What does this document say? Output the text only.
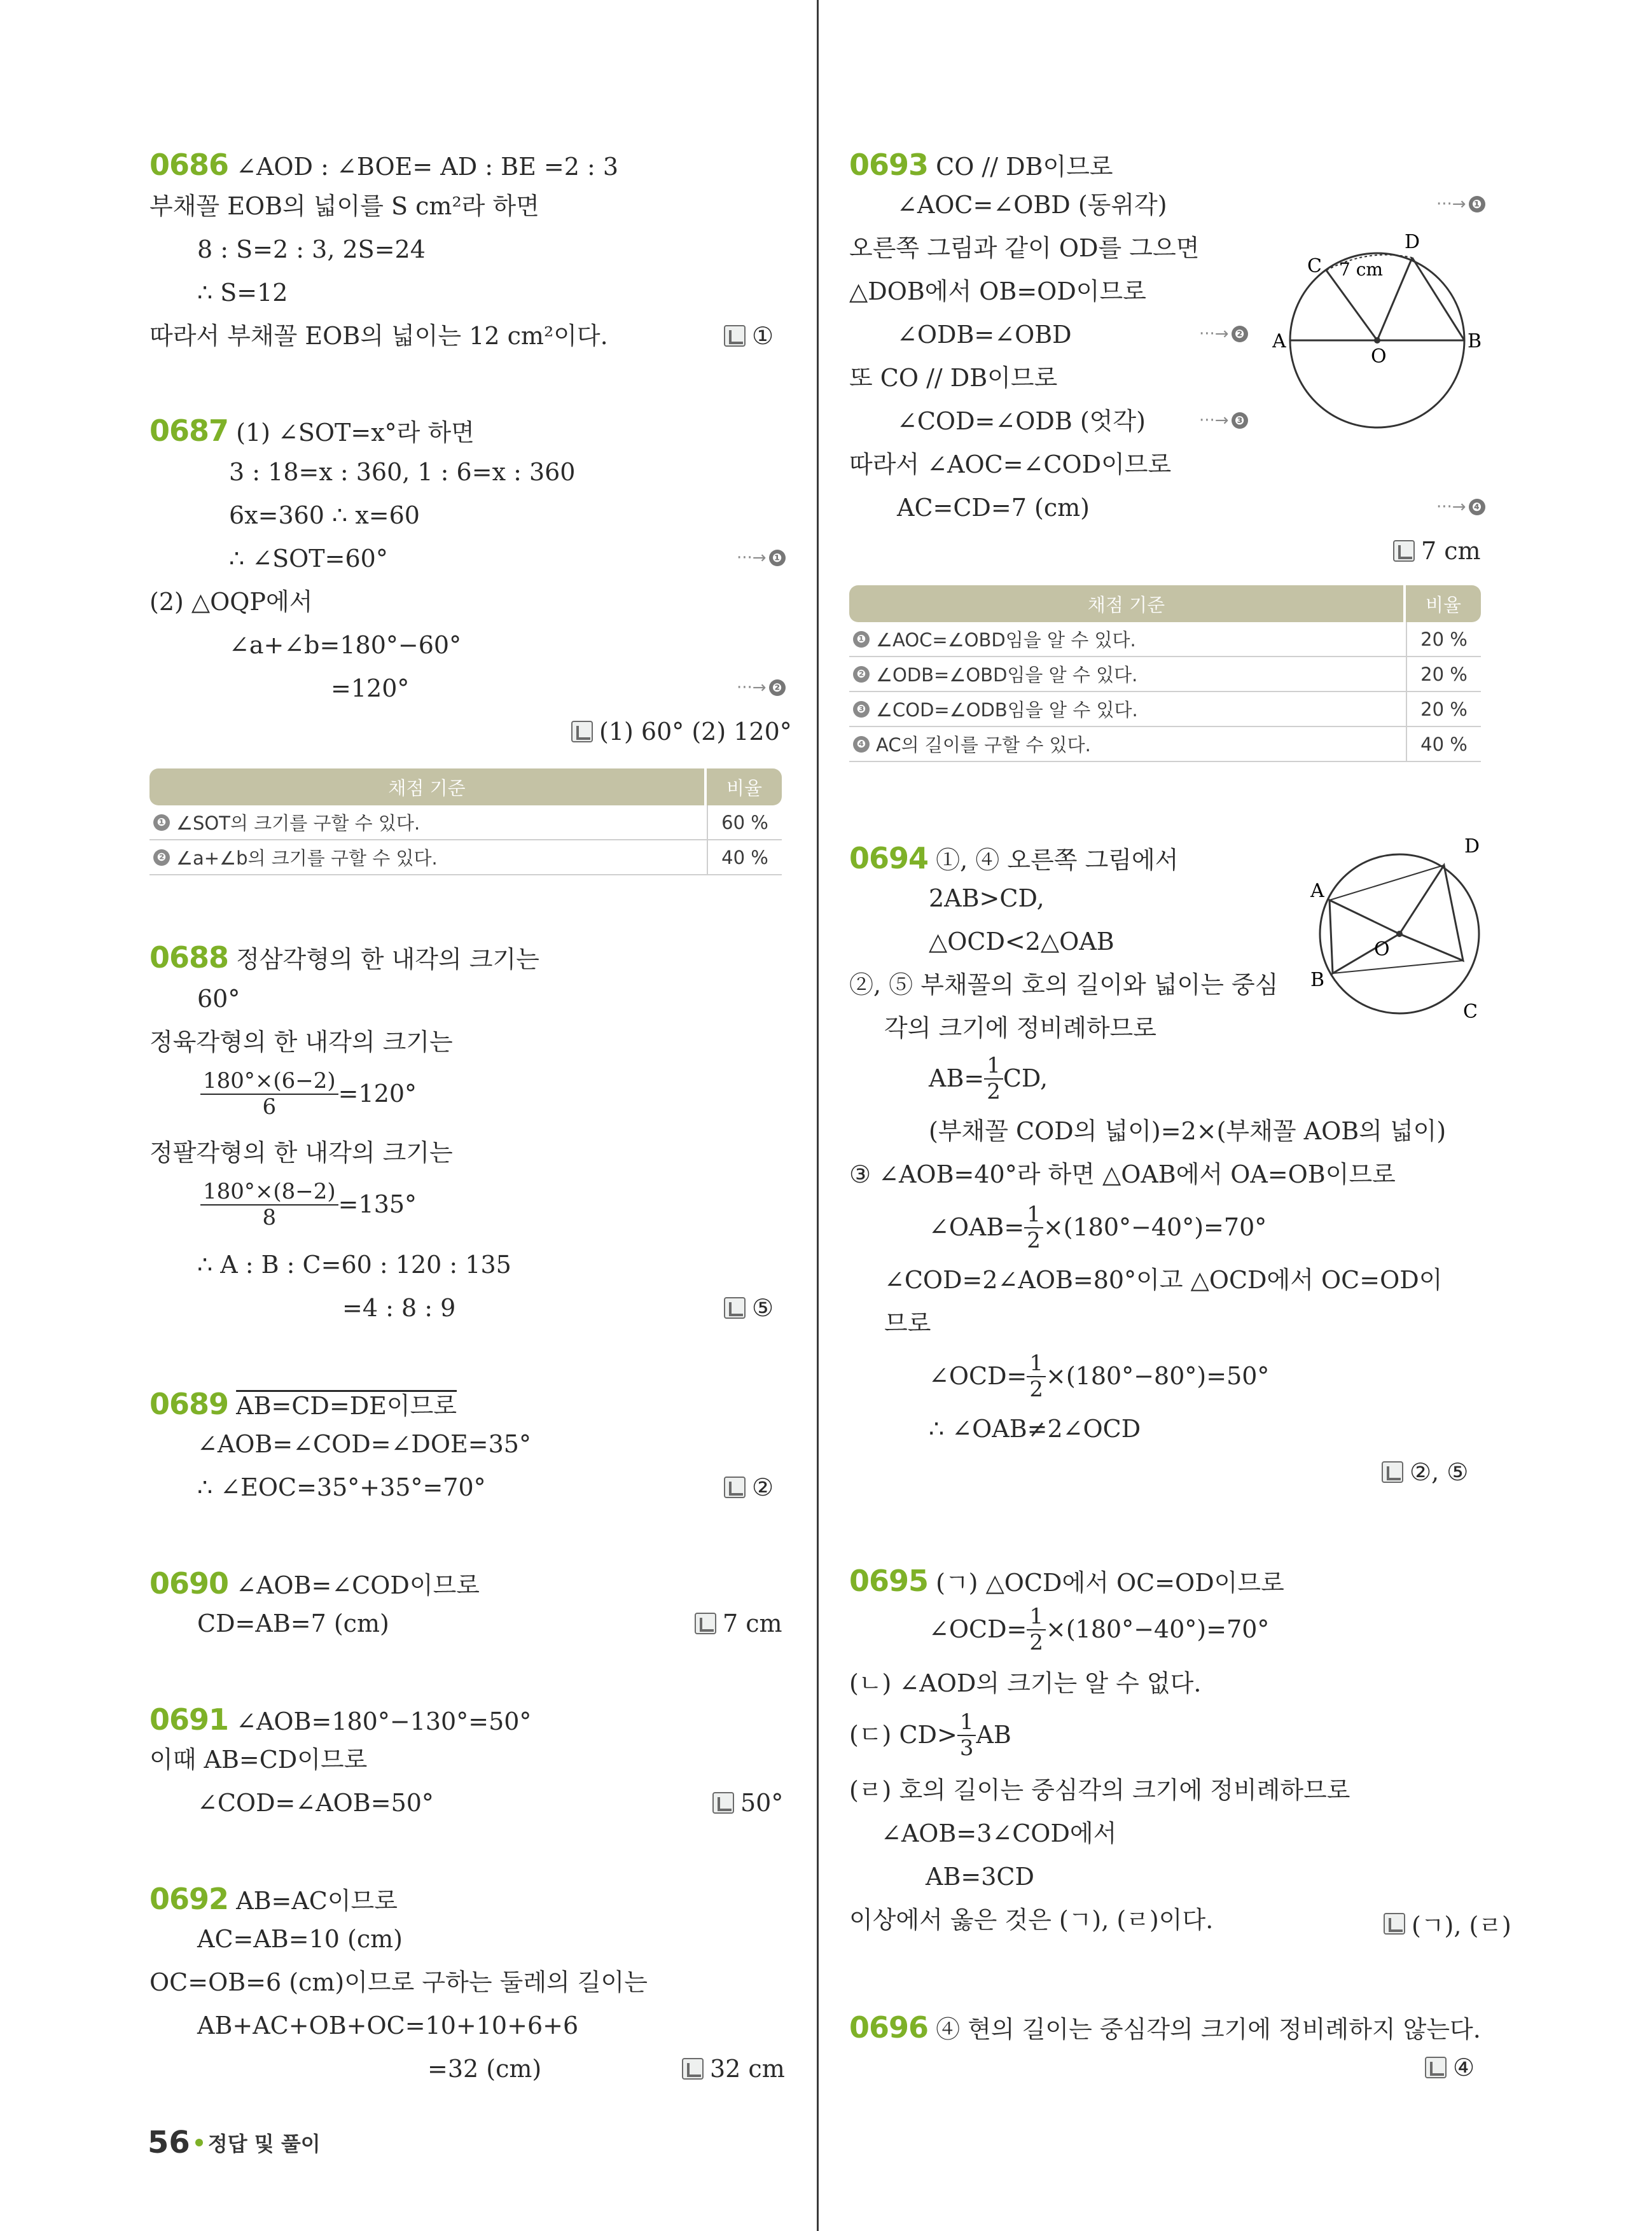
0686 ∠AOD : ∠BOE= AD : BE =2 : 3
부채꼴 EOB의 넓이를 S cm²라 하면
8 : S=2 : 3, 2S=24
∴ S=12
따라서 부채꼴 EOB의 넓이는 12 cm²이다.	①
0687 (1) ∠SOT=x°라 하면
3 : 18=x : 360, 1 : 6=x : 360
6x=360 ∴ x=60
∴ ∠SOT=60°	···→ ❶
(2) △OQP에서
∠a+∠b=180°−60°
=120°	···→ ❷
(1) 60° (2) 120°
채점 기준	비율
❶ ∠SOT의 크기를 구할 수 있다.	60 %
❷ ∠a+∠b의 크기를 구할 수 있다.	40 %
0688 정삼각형의 한 내각의 크기는
60°
정육각형의 한 내각의 크기는
$\frac{180^\circ\times(6-2)}{6} =120^\circ$
정팔각형의 한 내각의 크기는
$\frac{180^\circ\times(8-2)}{8} =135^\circ$
∴ A : B : C=60 : 120 : 135
=4 : 8 : 9	⑤
0689 AB=CD=DE이므로
∠AOB=∠COD=∠DOE=35°
∴ ∠EOC=35°+35°=70°	②
0690 ∠AOB=∠COD이므로
CD=AB=7 (cm)	7 cm
0691 ∠AOB=180°−130°=50°
이때 AB=CD이므로
∠COD=∠AOB=50°	50°
0692 AB=AC이므로
AC=AB=10 (cm)
OC=OB=6 (cm)이므로 구하는 둘레의 길이는
AB+AC+OB+OC=10+10+6+6
=32 (cm)	32 cm
0693 CO // DB이므로
∠AOC=∠OBD (동위각)	···→ ❶
오른쪽 그림과 같이 OD를 그으면
△DOB에서 OB=OD이므로
∠ODB=∠OBD	···→ ❷
또 CO // DB이므로
∠COD=∠ODB (엇각)	···→ ❸
따라서 ∠AOC=∠COD이므로
AC=CD=7 (cm)	···→ ❹
7 cm
C
D
A	B
O
7 cm
채점 기준	비율
❶ ∠AOC=∠OBD임을 알 수 있다.	20 %
❷ ∠ODB=∠OBD임을 알 수 있다.	20 %
❸ ∠COD=∠ODB임을 알 수 있다.	20 %
❹ AC의 길이를 구할 수 있다.	40 %
0694 ①, ④ 오른쪽 그림에서
2AB>CD,
△OCD<2△OAB
②, ⑤ 부채꼴의 호의 길이와 넓이는 중심
각의 크기에 정비례하므로
$AB= \frac{1}{2}$ CD,
(부채꼴 COD의 넓이)=2×(부채꼴 AOB의 넓이)
③ ∠AOB=40°라 하면 △OAB에서 OA=OB이므로
∠OAB= $\frac{1}{2} \times(180^\circ-40^\circ)=70^\circ$
∠COD=2∠AOB=80°이고 △OCD에서 OC=OD이
므로
∠OCD= $\frac{1}{2} \times(180^\circ-80^\circ)=50^\circ$
∴ ∠OAB≠2∠OCD
②, ⑤
A
B
C
D
O
0695 (ㄱ) △OCD에서 OC=OD이므로
∠OCD= $\frac{1}{2} \times(180^\circ-40^\circ)=70^\circ$
(ㄴ) ∠AOD의 크기는 알 수 없다.
(ㄷ) $CD> \frac{1}{3}$ AB
(ㄹ) 호의 길이는 중심각의 크기에 정비례하므로
∠AOB=3∠COD에서
AB=3CD
이상에서 옳은 것은 (ㄱ), (ㄹ)이다.	(ㄱ), (ㄹ)
0696 ④ 현의 길이는 중심각의 크기에 정비례하지 않는다.
④
56 정답 및 풀이
